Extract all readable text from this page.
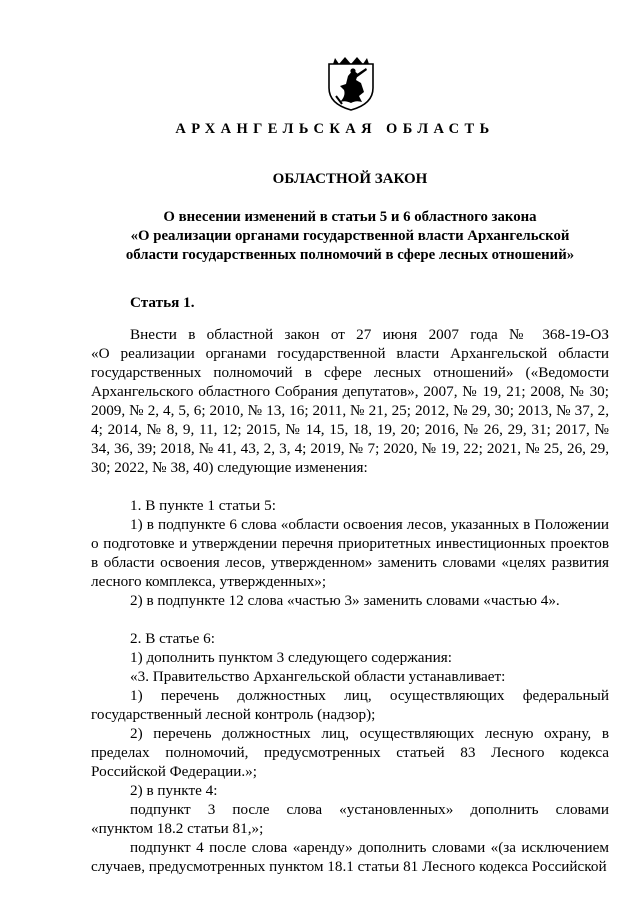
АРХАНГЕЛЬСКАЯ ОБЛАСТЬ
ОБЛАСТНОЙ ЗАКОН
О внесении изменений в статьи 5 и 6 областного закона
«О реализации органами государственной власти Архангельской
области государственных полномочий в сфере лесных отношений»
Статья 1.

Внести в областной закон от 27 июня 2007 года № 368-19-ОЗ

«О реализации органами государственной власти Архангельской области государственных полномочий в сфере лесных отношений» («Ведомости Архангельского областного Собрания депутатов», 2007, № 19, 21; 2008, № 30; 2009, № 2, 4, 5, 6; 2010, № 13, 16; 2011, № 21, 25; 2012, № 29, 30; 2013, № 37, 2, 4; 2014, № 8, 9, 11, 12; 2015, № 14, 15, 18, 19, 20; 2016, № 26, 29, 31; 2017, № 34, 36, 39; 2018, № 41, 43, 2, 3, 4; 2019, № 7; 2020, № 19, 22; 2021, № 25, 26, 29, 30; 2022, № 38, 40) следующие изменения:

1. В пункте 1 статьи 5:

1) в подпункте 6 слова «области освоения лесов, указанных в Положении о подготовке и утверждении перечня приоритетных инвестиционных проектов в области освоения лесов, утвержденном» заменить словами «целях развития лесного комплекса, утвержденных»;

2) в подпункте 12 слова «частью 3» заменить словами «частью 4».

2. В статье 6:

1) дополнить пунктом 3 следующего содержания:

«3. Правительство Архангельской области устанавливает:

1) перечень должностных лиц, осуществляющих федеральный

государственный лесной контроль (надзор);

2) перечень должностных лиц, осуществляющих лесную охрану, в пределах полномочий, предусмотренных статьей 83 Лесного кодекса Российской Федерации.»;

2) в пункте 4:

подпункт 3 после слова «установленных» дополнить словами

«пунктом 18.2 статьи 81,»;

подпункт 4 после слова «аренду» дополнить словами «(за исключением случаев, предусмотренных пунктом 18.1 статьи 81 Лесного кодекса Российской
